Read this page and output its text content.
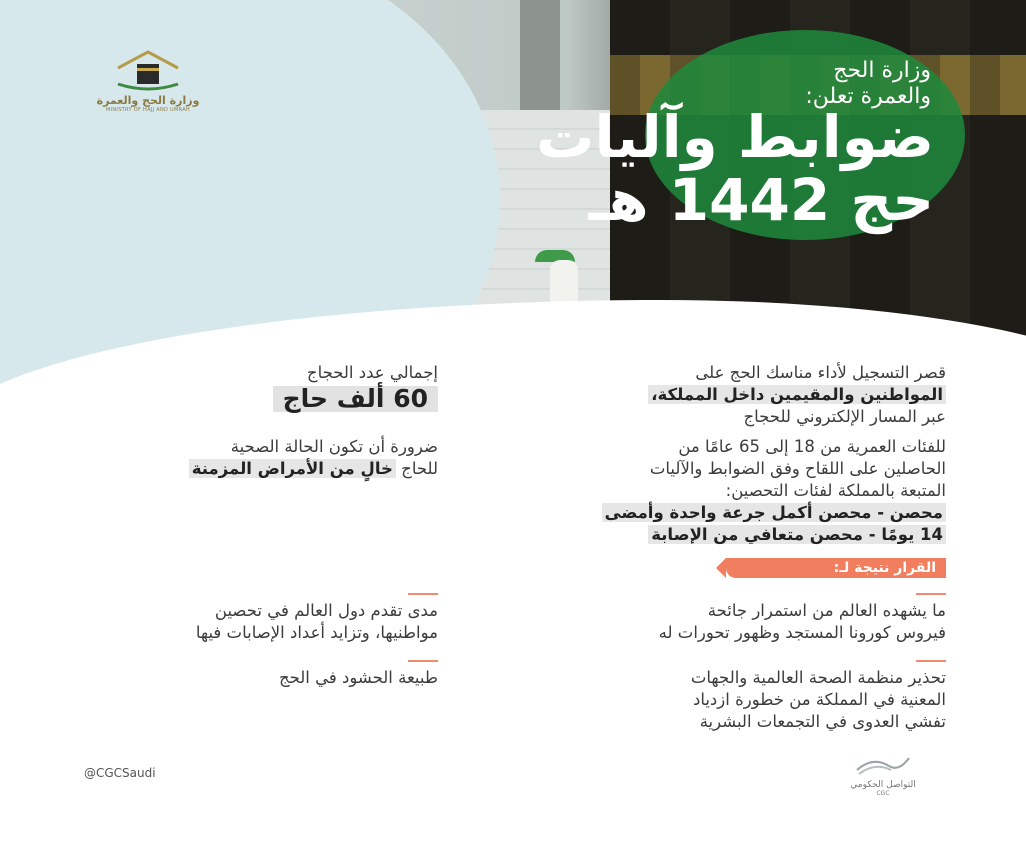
وزارة الحج والعمرة
MINISTRY OF HAJJ AND UMRAH
وزارة الحج
والعمرة تعلن:
ضوابط وآليات
حج 1442 هـ
قصر التسجيل لأداء مناسك الحج على
المواطنين والمقيمين داخل المملكة،
عبر المسار الإلكتروني للحجاج
للفئات العمرية من 18 إلى 65 عامًا من
الحاصلين على اللقاح وفق الضوابط والآليات
المتبعة بالمملكة لفئات التحصين:
محصن - محصن أكمل جرعة واحدة وأمضى
14 يومًا - محصن متعافي من الإصابة
إجمالي عدد الحجاج
60 ألف حاج
ضرورة أن تكون الحالة الصحية
للحاج خالٍ من الأمراض المزمنة
القرار نتيجة لـ:
ما يشهده العالم من استمرار جائحة
فيروس كورونا المستجد وظهور تحورات له
مدى تقدم دول العالم في تحصين
مواطنيها، وتزايد أعداد الإصابات فيها
تحذير منظمة الصحة العالمية والجهات
المعنية في المملكة من خطورة ازدياد
تفشي العدوى في التجمعات البشرية
طبيعة الحشود في الحج
@CGCSaudi
التواصل الحكومي
CGC
